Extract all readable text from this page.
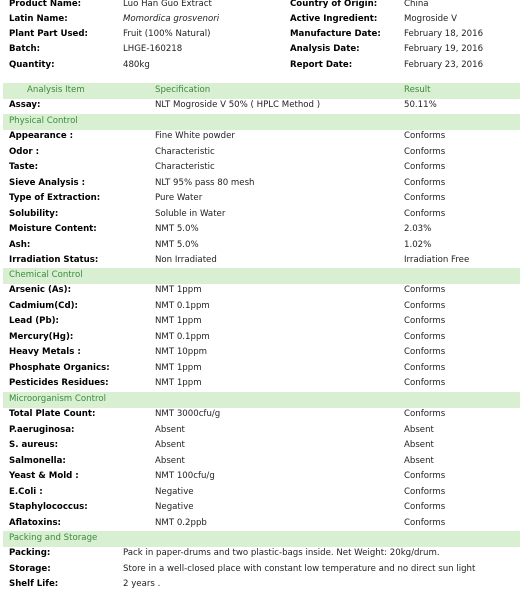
Product Name:	Luo Han Guo Extract	Country of Origin:	China
Latin Name:	Momordica grosvenori	Active Ingredient:	Mogroside V
Plant Part Used:	Fruit (100% Natural)	Manufacture Date:	February 18, 2016
Batch:	LHGE-160218	Analysis Date:	February 19, 2016
Quantity:	480kg	Report Date:	February 23, 2016
Analysis Item	Specification	Result
Assay:	NLT Mogroside V 50% ( HPLC Method )	50.11%
Physical Control
Appearance :	Fine White powder	Conforms
Odor :	Characteristic	Conforms
Taste:	Characteristic	Conforms
Sieve Analysis :	NLT 95% pass 80 mesh	Conforms
Type of Extraction:	Pure Water	Conforms
Solubility:	Soluble in Water	Conforms
Moisture Content:	NMT 5.0%	2.03%
Ash:	NMT 5.0%	1.02%
Irradiation Status:	Non Irradiated	Irradiation Free
Chemical Control
Arsenic (As):	NMT 1ppm	Conforms
Cadmium(Cd):	NMT 0.1ppm	Conforms
Lead (Pb):	NMT 1ppm	Conforms
Mercury(Hg):	NMT 0.1ppm	Conforms
Heavy Metals :	NMT 10ppm	Conforms
Phosphate Organics:	NMT 1ppm	Conforms
Pesticides Residues:	NMT 1ppm	Conforms
Microorganism Control
Total Plate Count:	NMT 3000cfu/g	Conforms
P.aeruginosa:	Absent	Absent
S. aureus:	Absent	Absent
Salmonella:	Absent	Absent
Yeast & Mold :	NMT 100cfu/g	Conforms
E.Coli :	Negative	Conforms
Staphylococcus:	Negative	Conforms
Aflatoxins:	NMT 0.2ppb	Conforms
Packing and Storage
Packing:	Pack in paper-drums and two plastic-bags inside. Net Weight: 20kg/drum.
Storage:	Store in a well-closed place with constant low temperature and no direct sun light
Shelf Life:	2 years .
